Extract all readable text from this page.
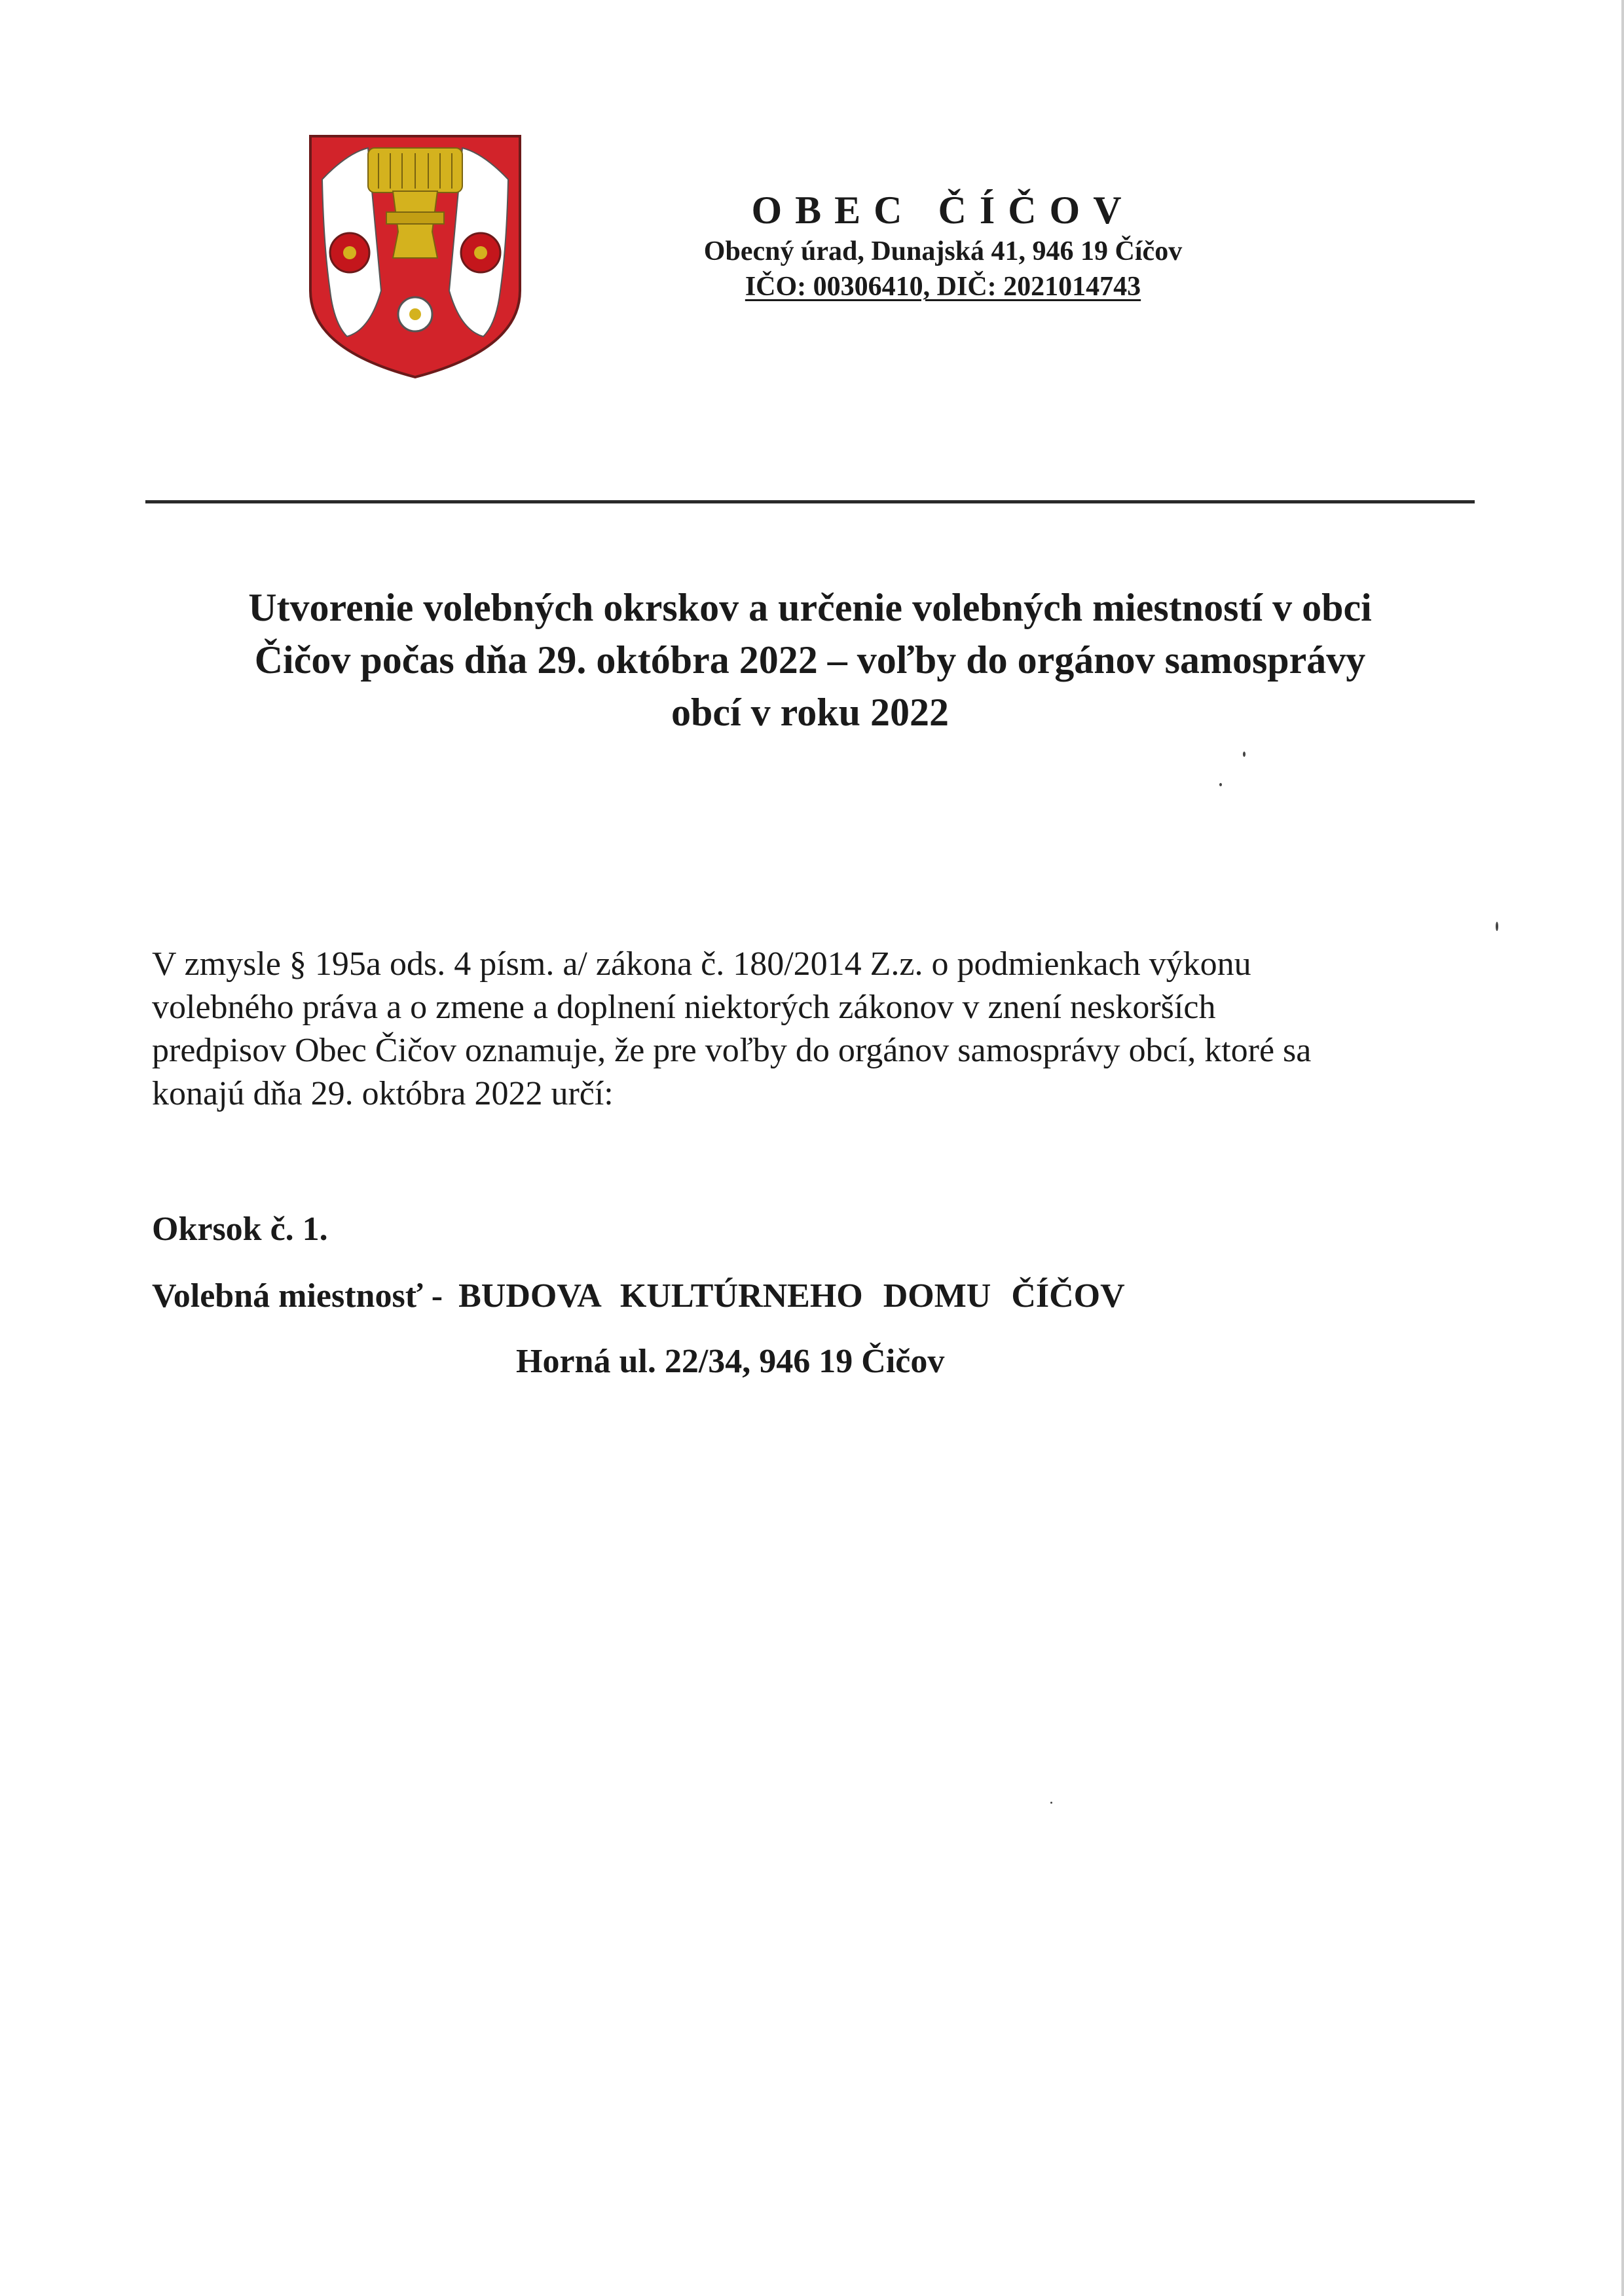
OBEC ČÍČOV

Obecný úrad, Dunajská 41, 946 19 Číčov

IČO: 00306410, DIČ: 2021014743

Utvorenie volebných okrskov a určenie volebných miestností v obci
Čičov počas dňa 29. októbra 2022 – voľby do orgánov samosprávy
obcí v roku 2022
V zmysle § 195a ods. 4 písm. a/ zákona č. 180/2014 Z.z. o podmienkach výkonu
volebného práva a o zmene a doplnení niektorých zákonov v znení neskorších
predpisov Obec Čičov oznamuje, že pre voľby do orgánov samosprávy obcí, ktoré sa
konajú dňa 29. októbra 2022 určí:

Okrsok č. 1.

Volebná miestnosť - BUDOVA KULTÚRNEHO DOMU ČÍČOV

Horná ul. 22/34, 946 19 Čičov
